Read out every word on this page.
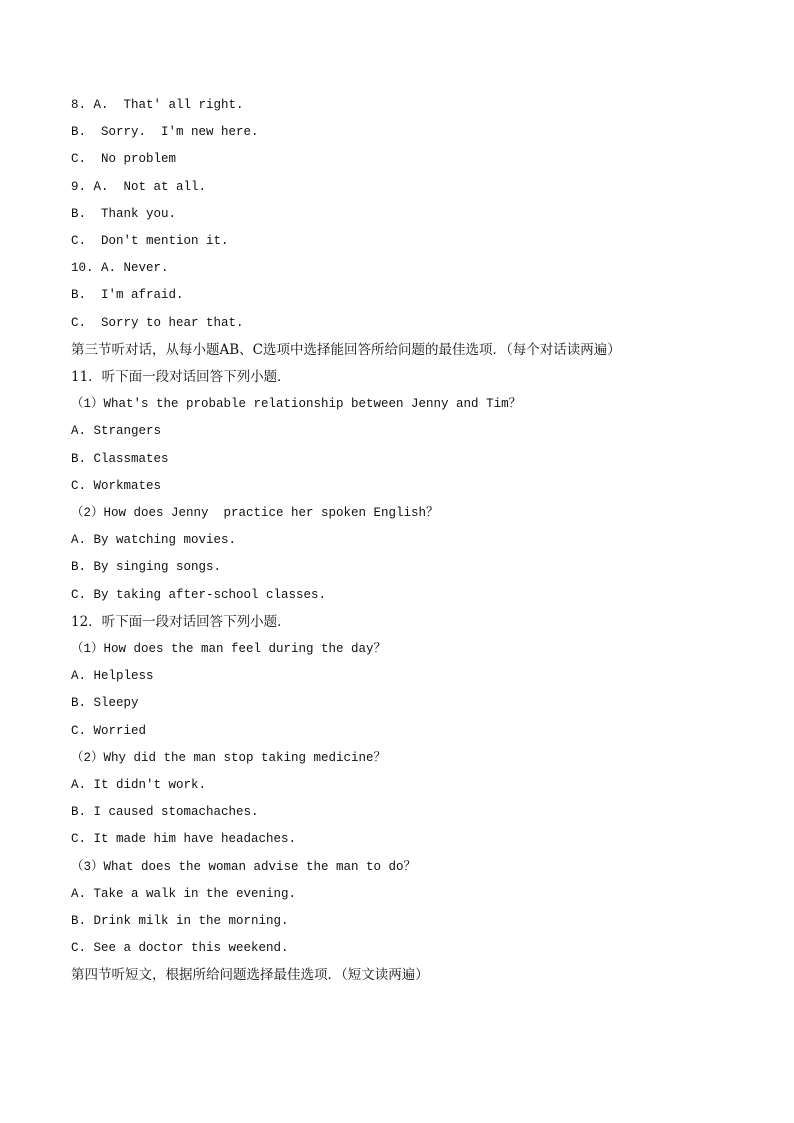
8. A.  That' all right.

B.  Sorry.  I'm new here.

C.  No problem

9. A.  Not at all.

B.  Thank you.

C.  Don't mention it.

10. A. Never.

B.  I'm afraid.

C.  Sorry to hear that.

第三节听对话，从每小题AB、C选项中选择能回答所给问题的最佳选项．（每个对话读两遍）

11．听下面一段对话回答下列小题．

（1）What's the probable relationship between Jenny and Tim？

A. Strangers

B. Classmates

C. Workmates

（2）How does Jenny  practice her spoken English？

A. By watching movies.

B. By singing songs.

C. By taking after-school classes.

12．听下面一段对话回答下列小题．

（1）How does the man feel during the day？

A. Helpless

B. Sleepy

C. Worried

（2）Why did the man stop taking medicine？

A. It didn't work.

B. I caused stomachaches.

C. It made him have headaches.

（3）What does the woman advise the man to do？

A. Take a walk in the evening.

B. Drink milk in the morning.

C. See a doctor this weekend.

第四节听短文，根据所给问题选择最佳选项．（短文读两遍）
